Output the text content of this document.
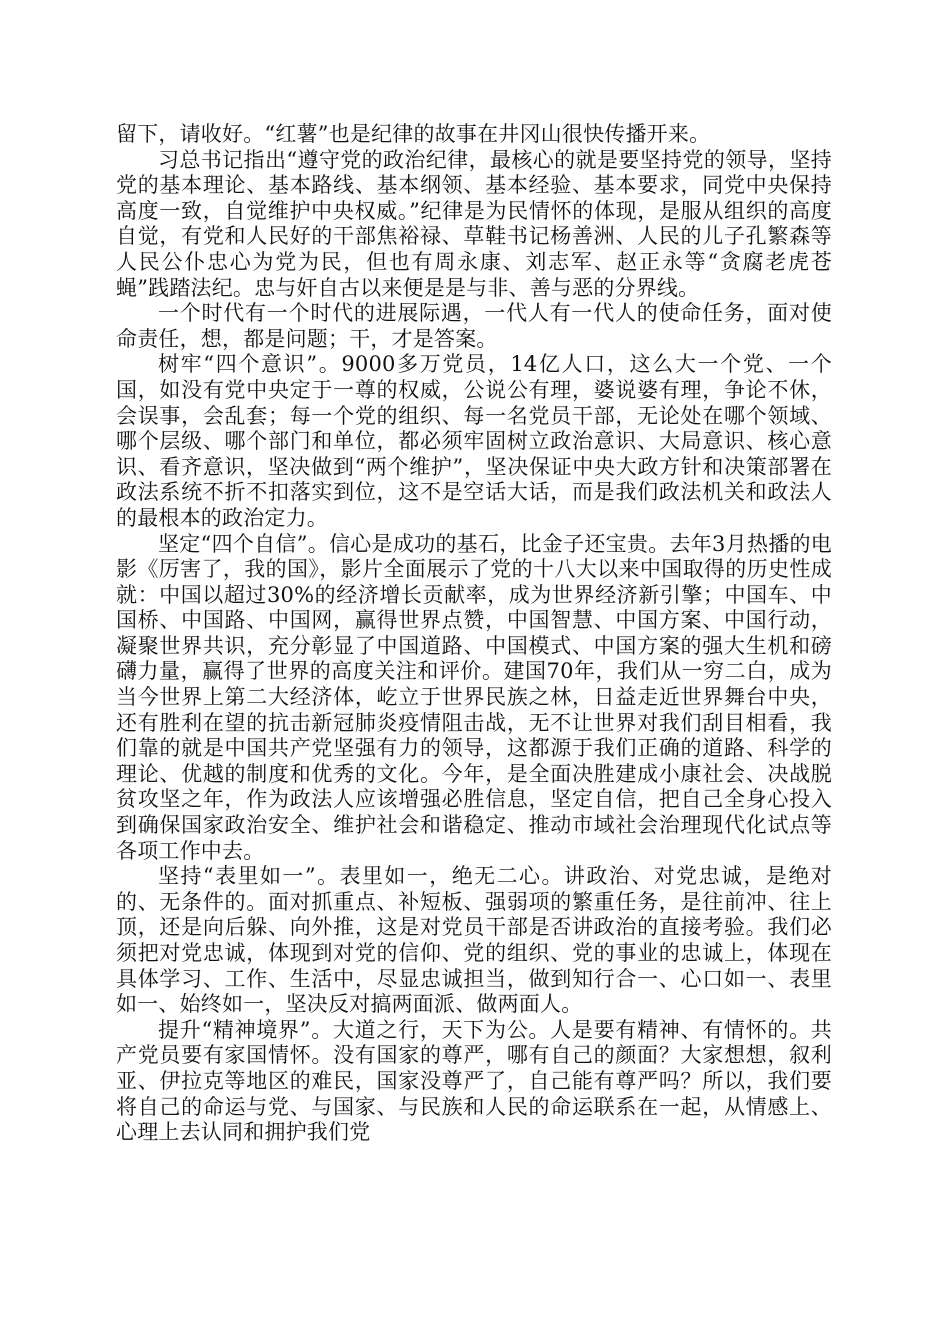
留下，请收好。“红薯”也是纪律的故事在井冈山很快传播开来。

习总书记指出“遵守党的政治纪律，最核心的就是要坚持党的领导，坚持党的基本理论、基本路线、基本纲领、基本经验、基本要求，同党中央保持高度一致，自觉维护中央权威。”纪律是为民情怀的体现，是服从组织的高度自觉，有党和人民好的干部焦裕禄、草鞋书记杨善洲、人民的儿子孔繁森等人民公仆忠心为党为民，但也有周永康、刘志军、赵正永等“贪腐老虎苍蝇”践踏法纪。忠与奸自古以来便是是与非、善与恶的分界线。

一个时代有一个时代的进展际遇，一代人有一代人的使命任务，面对使命责任，想，都是问题；干，才是答案。

树牢“四个意识”。9000多万党员，14亿人口，这么大一个党、一个国，如没有党中央定于一尊的权威，公说公有理，婆说婆有理，争论不休，会误事，会乱套；每一个党的组织、每一名党员干部，无论处在哪个领域、哪个层级、哪个部门和单位，都必须牢固树立政治意识、大局意识、核心意识、看齐意识，坚决做到“两个维护”，坚决保证中央大政方针和决策部署在政法系统不折不扣落实到位，这不是空话大话，而是我们政法机关和政法人的最根本的政治定力。

坚定“四个自信”。信心是成功的基石，比金子还宝贵。去年3月热播的电影《厉害了，我的国》，影片全面展示了党的十八大以来中国取得的历史性成就：中国以超过30%的经济增长贡献率，成为世界经济新引擎；中国车、中国桥、中国路、中国网，赢得世界点赞，中国智慧、中国方案、中国行动，凝聚世界共识，充分彰显了中国道路、中国模式、中国方案的强大生机和磅礴力量，赢得了世界的高度关注和评价。建国70年，我们从一穷二白，成为当今世界上第二大经济体，屹立于世界民族之林，日益走近世界舞台中央，还有胜利在望的抗击新冠肺炎疫情阻击战，无不让世界对我们刮目相看，我们靠的就是中国共产党坚强有力的领导，这都源于我们正确的道路、科学的理论、优越的制度和优秀的文化。今年，是全面决胜建成小康社会、决战脱贫攻坚之年，作为政法人应该增强必胜信息，坚定自信，把自己全身心投入到确保国家政治安全、维护社会和谐稳定、推动市域社会治理现代化试点等各项工作中去。

坚持“表里如一”。表里如一，绝无二心。讲政治、对党忠诚，是绝对的、无条件的。面对抓重点、补短板、强弱项的繁重任务，是往前冲、往上顶，还是向后躲、向外推，这是对党员干部是否讲政治的直接考验。我们必须把对党忠诚，体现到对党的信仰、党的组织、党的事业的忠诚上，体现在具体学习、工作、生活中，尽显忠诚担当，做到知行合一、心口如一、表里如一、始终如一，坚决反对搞两面派、做两面人。

提升“精神境界”。大道之行，天下为公。人是要有精神、有情怀的。共产党员要有家国情怀。没有国家的尊严，哪有自己的颜面？大家想想，叙利亚、伊拉克等地区的难民，国家没尊严了，自己能有尊严吗？所以，我们要将自己的命运与党、与国家、与民族和人民的命运联系在一起，从情感上、心理上去认同和拥护我们党
